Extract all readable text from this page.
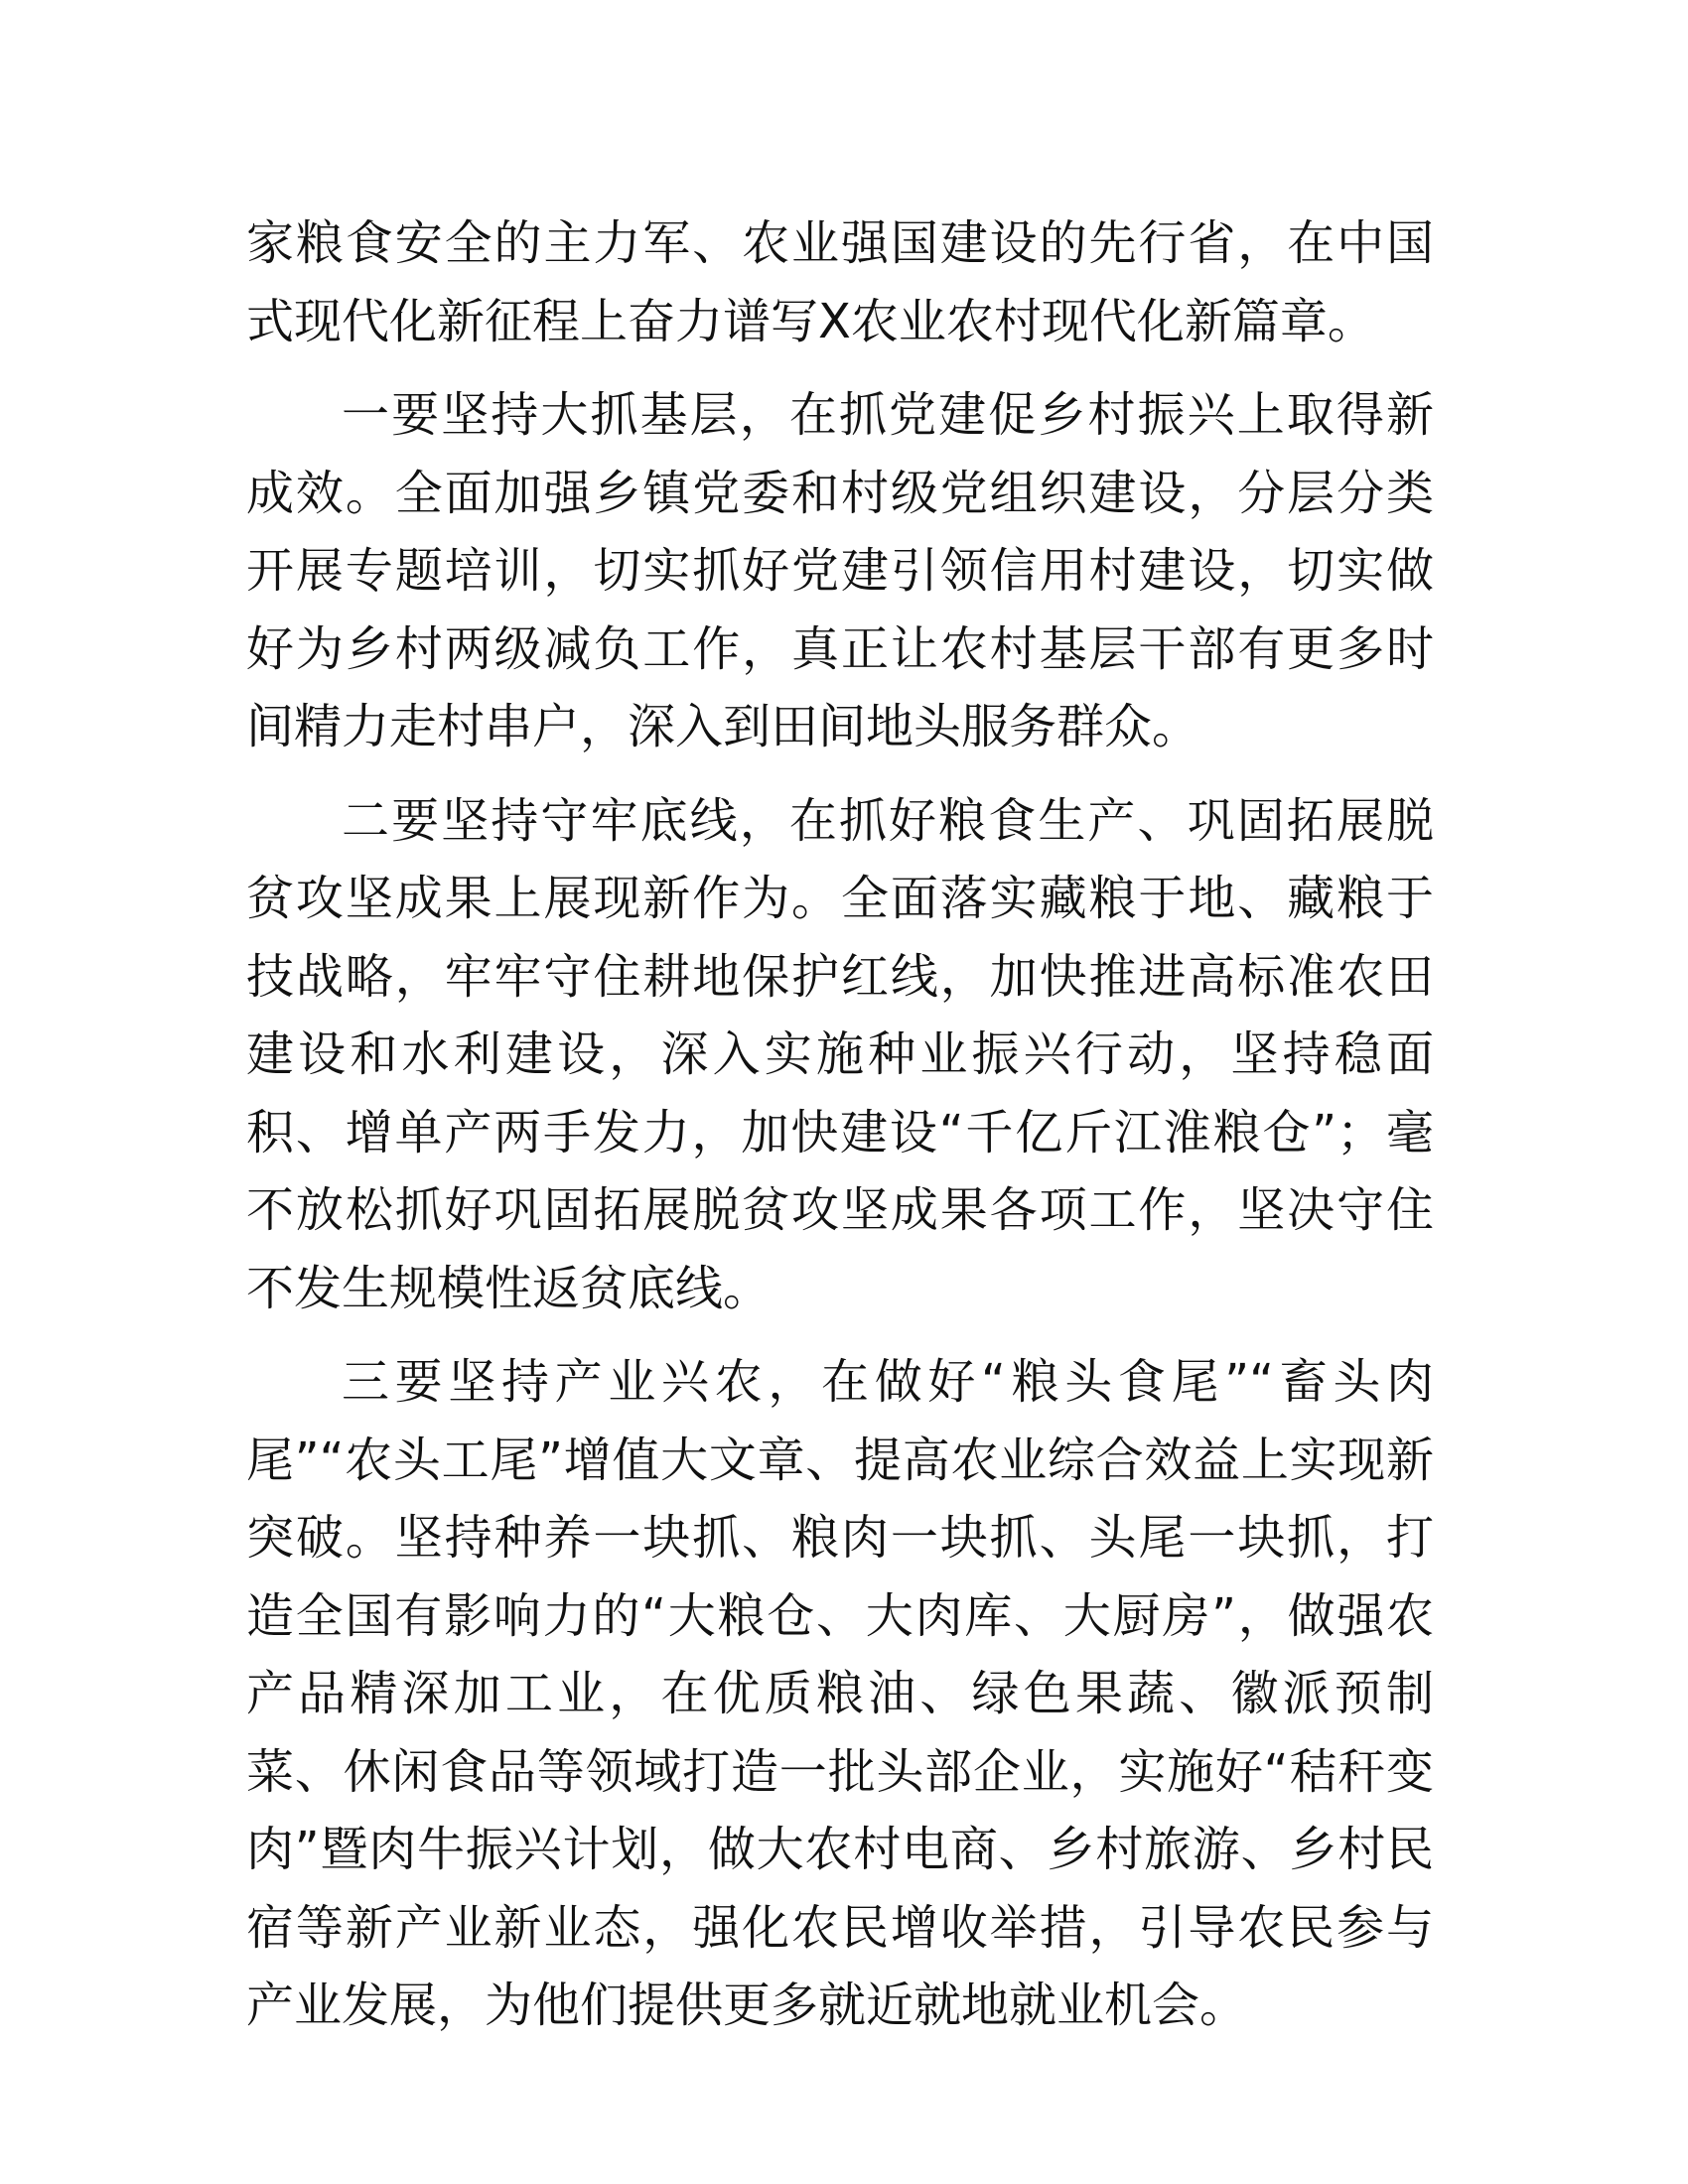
家粮食安全的主力军、农业强国建设的先行省，在中国式现代化新征程上奋力谱写Ⅹ农业农村现代化新篇章。

一要坚持大抓基层，在抓党建促乡村振兴上取得新成效。全面加强乡镇党委和村级党组织建设，分层分类开展专题培训，切实抓好党建引领信用村建设，切实做好为乡村两级减负工作，真正让农村基层干部有更多时间精力走村串户，深入到田间地头服务群众。

二要坚持守牢底线，在抓好粮食生产、巩固拓展脱贫攻坚成果上展现新作为。全面落实藏粮于地、藏粮于技战略，牢牢守住耕地保护红线，加快推进高标准农田建设和水利建设，深入实施种业振兴行动，坚持稳面积、增单产两手发力，加快建设“千亿斤江淮粮仓”；毫不放松抓好巩固拓展脱贫攻坚成果各项工作，坚决守住不发生规模性返贫底线。

三要坚持产业兴农，在做好“粮头食尾”“畜头肉尾”“农头工尾”增值大文章、提高农业综合效益上实现新突破。坚持种养一块抓、粮肉一块抓、头尾一块抓，打造全国有影响力的“大粮仓、大肉库、大厨房”，做强农产品精深加工业，在优质粮油、绿色果蔬、徽派预制菜、休闲食品等领域打造一批头部企业，实施好“秸秆变肉”暨肉牛振兴计划，做大农村电商、乡村旅游、乡村民宿等新产业新业态，强化农民增收举措，引导农民参与产业发展，为他们提供更多就近就地就业机会。
